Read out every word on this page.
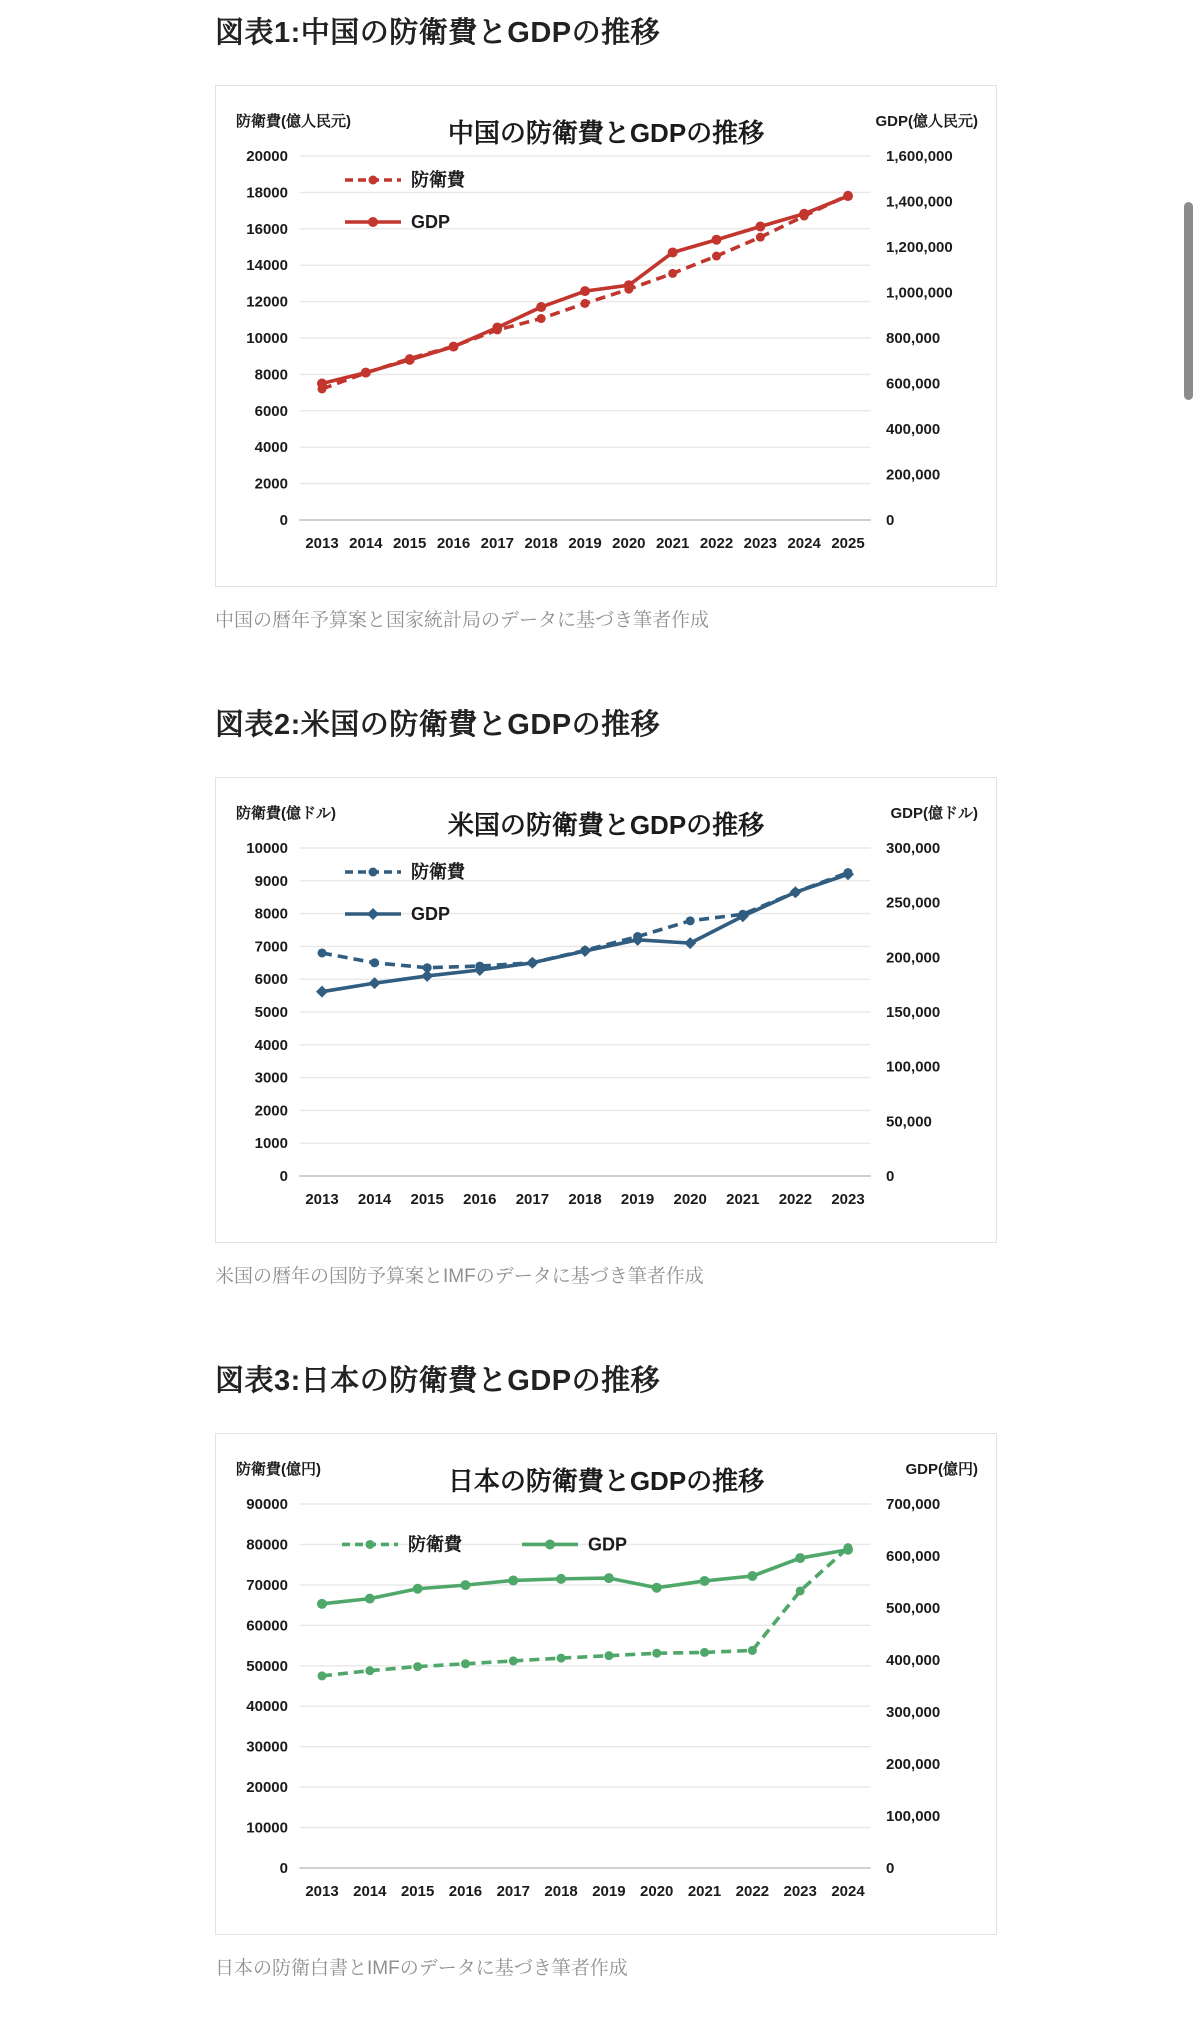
図表1:中国の防衛費とGDPの推移
防衛費(億人民元)	GDP(億人民元)
中国の防衛費とGDPの推移
0
2000
4000
6000
8000
10000
12000
14000
16000
18000
20000
0
200,000
400,000
600,000
800,000
1,000,000
1,200,000
1,400,000
1,600,000
2013 2014 2015 2016 2017 2018 2019 2020 2021 2022 2023 2024 2025
防衛費
GDP

中国の暦年予算案と国家統計局のデータに基づき筆者作成

図表2:米国の防衛費とGDPの推移
防衛費(億ドル)	GDP(億ドル)
米国の防衛費とGDPの推移
0
1000
2000
3000
4000
5000
6000
7000
8000
9000
10000
0
50,000
100,000
150,000
200,000
250,000
300,000
2013 2014 2015 2016 2017 2018 2019 2020 2021 2022 2023
防衛費
GDP

米国の暦年の国防予算案とIMFのデータに基づき筆者作成

図表3:日本の防衛費とGDPの推移
防衛費(億円)	GDP(億円)
日本の防衛費とGDPの推移
0
10000
20000
30000
40000
50000
60000
70000
80000
90000
0
100,000
200,000
300,000
400,000
500,000
600,000
700,000
2013 2014 2015 2016 2017 2018 2019 2020 2021 2022 2023 2024
防衛費	GDP

日本の防衛白書とIMFのデータに基づき筆者作成
